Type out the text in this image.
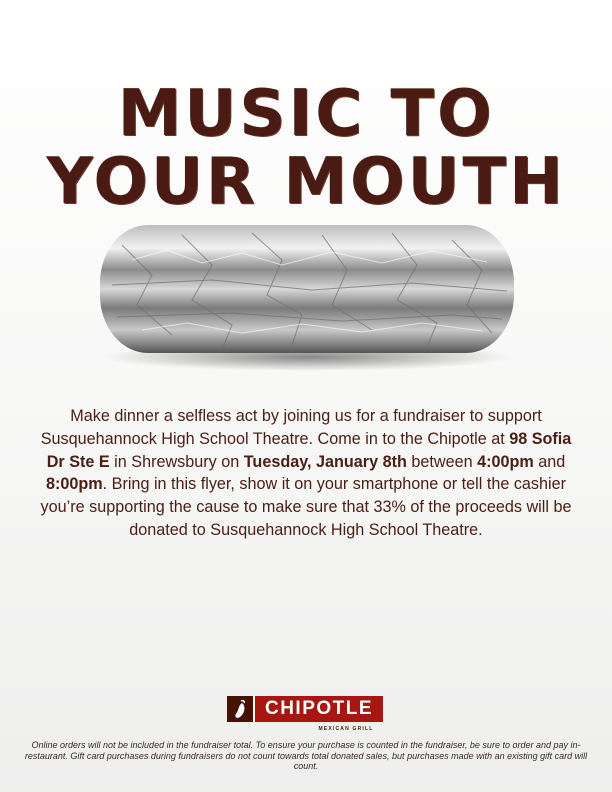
MUSIC TO
YOUR MOUTH
Make dinner a selfless act by joining us for a fundraiser to support Susquehannock High School Theatre. Come in to the Chipotle at 98 Sofia Dr Ste E in Shrewsbury on Tuesday, January 8th between 4:00pm and 8:00pm. Bring in this flyer, show it on your smartphone or tell the cashier you’re supporting the cause to make sure that 33% of the proceeds will be donated to Susquehannock High School Theatre.
CHIPOTLE
MEXICAN GRILL
Online orders will not be included in the fundraiser total. To ensure your purchase is counted in the fundraiser, be sure to order and pay in-restaurant. Gift card purchases during fundraisers do not count towards total donated sales, but purchases made with an existing gift card will count.
